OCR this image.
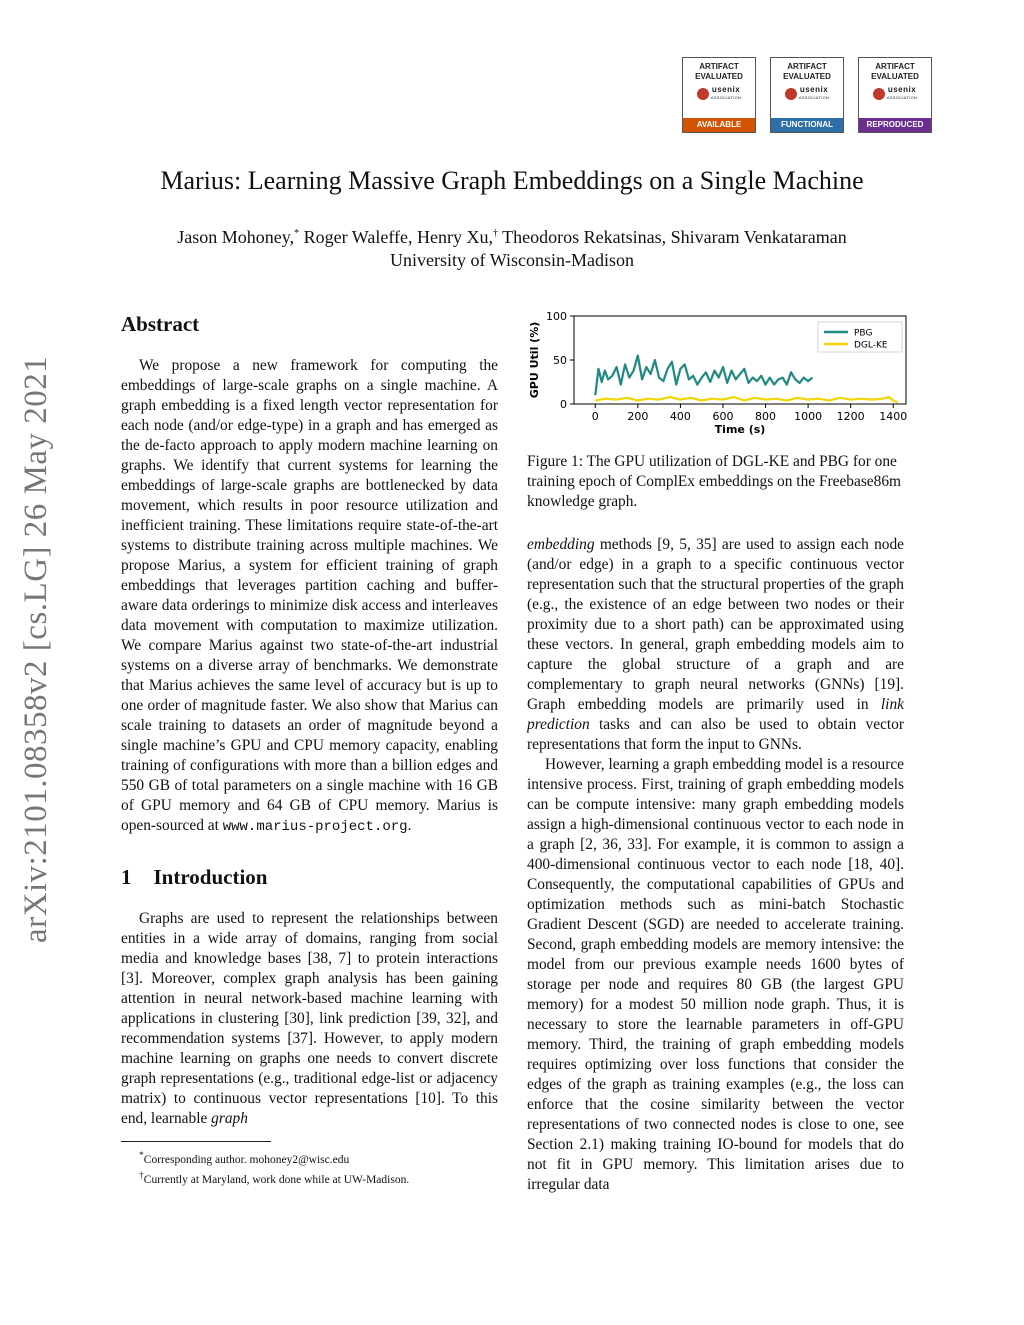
ARTIFACT
EVALUATED
usenix
ASSOCIATION
AVAILABLE
ARTIFACT
EVALUATED
usenix
ASSOCIATION
FUNCTIONAL
ARTIFACT
EVALUATED
usenix
ASSOCIATION
REPRODUCED
Marius: Learning Massive Graph Embeddings on a Single Machine
Jason Mohoney,* Roger Waleffe, Henry Xu,† Theodoros Rekatsinas, Shivaram Venkataraman
University of Wisconsin-Madison
arXiv:2101.08358v2 [cs.LG] 26 May 2021
Abstract

We propose a new framework for computing the embeddings of large-scale graphs on a single machine. A graph embedding is a fixed length vector representation for each node (and/or edge-type) in a graph and has emerged as the de-facto approach to apply modern machine learning on graphs. We identify that current systems for learning the embeddings of large-scale graphs are bottlenecked by data movement, which results in poor resource utilization and inefficient training. These limitations require state-of-the-art systems to distribute training across multiple machines. We propose Marius, a system for efficient training of graph embeddings that leverages partition caching and buffer-aware data orderings to minimize disk access and interleaves data movement with computation to maximize utilization. We compare Marius against two state-of-the-art industrial systems on a diverse array of benchmarks. We demonstrate that Marius achieves the same level of accuracy but is up to one order of magnitude faster. We also show that Marius can scale training to datasets an order of magnitude beyond a single machine’s GPU and CPU memory capacity, enabling training of configurations with more than a billion edges and 550 GB of total parameters on a single machine with 16 GB of GPU memory and 64 GB of CPU memory. Marius is open-sourced at www.marius-project.org.

1 Introduction

Graphs are used to represent the relationships between entities in a wide array of domains, ranging from social media and knowledge bases [38, 7] to protein interactions [3]. Moreover, complex graph analysis has been gaining attention in neural network-based machine learning with applications in clustering [30], link prediction [39, 32], and recommendation systems [37]. However, to apply modern machine learning on graphs one needs to convert discrete graph representations (e.g., traditional edge-list or adjacency matrix) to continuous vector representations [10]. To this end, learnable graph

*Corresponding author. mohoney2@wisc.edu

†Currently at Maryland, work done while at UW-Madison.

0
50
100
0	200 400 600 800 1000 1200 1400
Time (s)
GPU Util (%)	PBG
DGL-KE
Figure 1: The GPU utilization of DGL-KE and PBG for one training epoch of ComplEx embeddings on the Freebase86m knowledge graph.

embedding methods [9, 5, 35] are used to assign each node (and/or edge) in a graph to a specific continuous vector representation such that the structural properties of the graph (e.g., the existence of an edge between two nodes or their proximity due to a short path) can be approximated using these vectors. In general, graph embedding models aim to capture the global structure of a graph and are complementary to graph neural networks (GNNs) [19]. Graph embedding models are primarily used in link prediction tasks and can also be used to obtain vector representations that form the input to GNNs.

However, learning a graph embedding model is a resource intensive process. First, training of graph embedding models can be compute intensive: many graph embedding models assign a high-dimensional continuous vector to each node in a graph [2, 36, 33]. For example, it is common to assign a 400-dimensional continuous vector to each node [18, 40]. Consequently, the computational capabilities of GPUs and optimization methods such as mini-batch Stochastic Gradient Descent (SGD) are needed to accelerate training. Second, graph embedding models are memory intensive: the model from our previous example needs 1600 bytes of storage per node and requires 80 GB (the largest GPU memory) for a modest 50 million node graph. Thus, it is necessary to store the learnable parameters in off-GPU memory. Third, the training of graph embedding models requires optimizing over loss functions that consider the edges of the graph as training examples (e.g., the loss can enforce that the cosine similarity between the vector representations of two connected nodes is close to one, see Section 2.1) making training IO-bound for models that do not fit in GPU memory. This limitation arises due to irregular data
